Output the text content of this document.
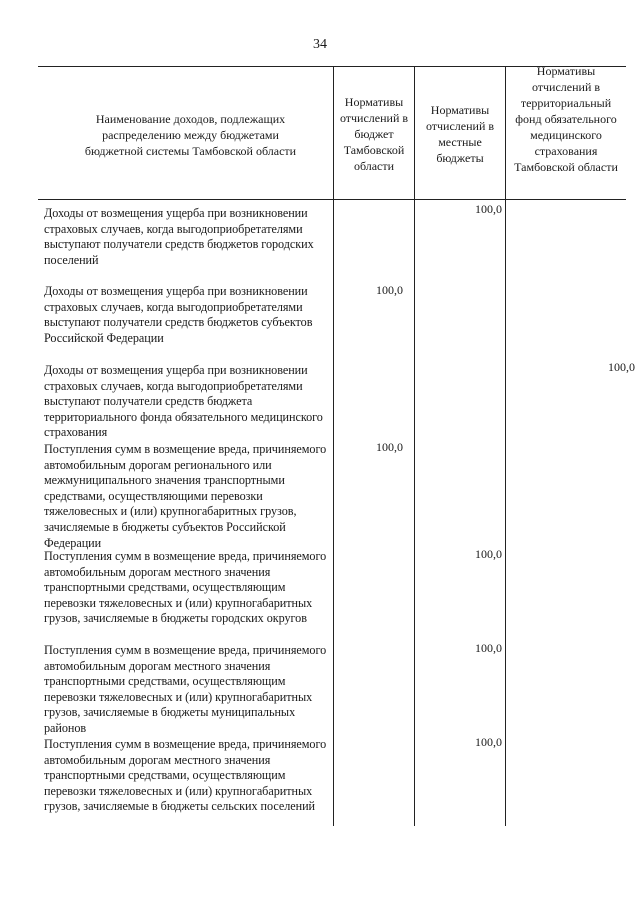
34
Наименование доходов, подлежащих распределению между бюджетами бюджетной системы Тамбовской области
Нормативы отчислений в бюджет Тамбовской области
Нормативы отчислений в местные бюджеты
Нормативы отчислений в территориальный фонд обязательного медицинского страхования Тамбовской области
Доходы от возмещения ущерба при возникновении страховых случаев, когда выгодоприобретателями выступают получатели средств бюджетов городских поселений
100,0
Доходы от возмещения ущерба при возникновении страховых случаев, когда выгодоприобретателями выступают получатели средств бюджетов субъектов Российской Федерации
100,0
Доходы от возмещения ущерба при возникновении страховых случаев, когда выгодоприобретателями выступают получатели средств бюджета территориального фонда обязательного медицинского страхования
100,0
Поступления сумм в возмещение вреда, причиняемого автомобильным дорогам регионального или межмуниципального значения транспортными средствами, осуществляющими перевозки тяжеловесных и (или) крупногабаритных грузов, зачисляемые в бюджеты субъектов Российской Федерации
100,0
Поступления сумм в возмещение вреда, причиняемого автомобильным дорогам местного значения транспортными средствами, осуществляющим перевозки тяжеловесных и (или) крупногабаритных грузов, зачисляемые в бюджеты городских округов
100,0
Поступления сумм в возмещение вреда, причиняемого автомобильным дорогам местного значения транспортными средствами, осуществляющим перевозки тяжеловесных и (или) крупногабаритных грузов, зачисляемые в бюджеты муниципальных районов
100,0
Поступления сумм в возмещение вреда, причиняемого автомобильным дорогам местного значения транспортными средствами, осуществляющим перевозки тяжеловесных и (или) крупногабаритных грузов, зачисляемые в бюджеты сельских поселений
100,0
